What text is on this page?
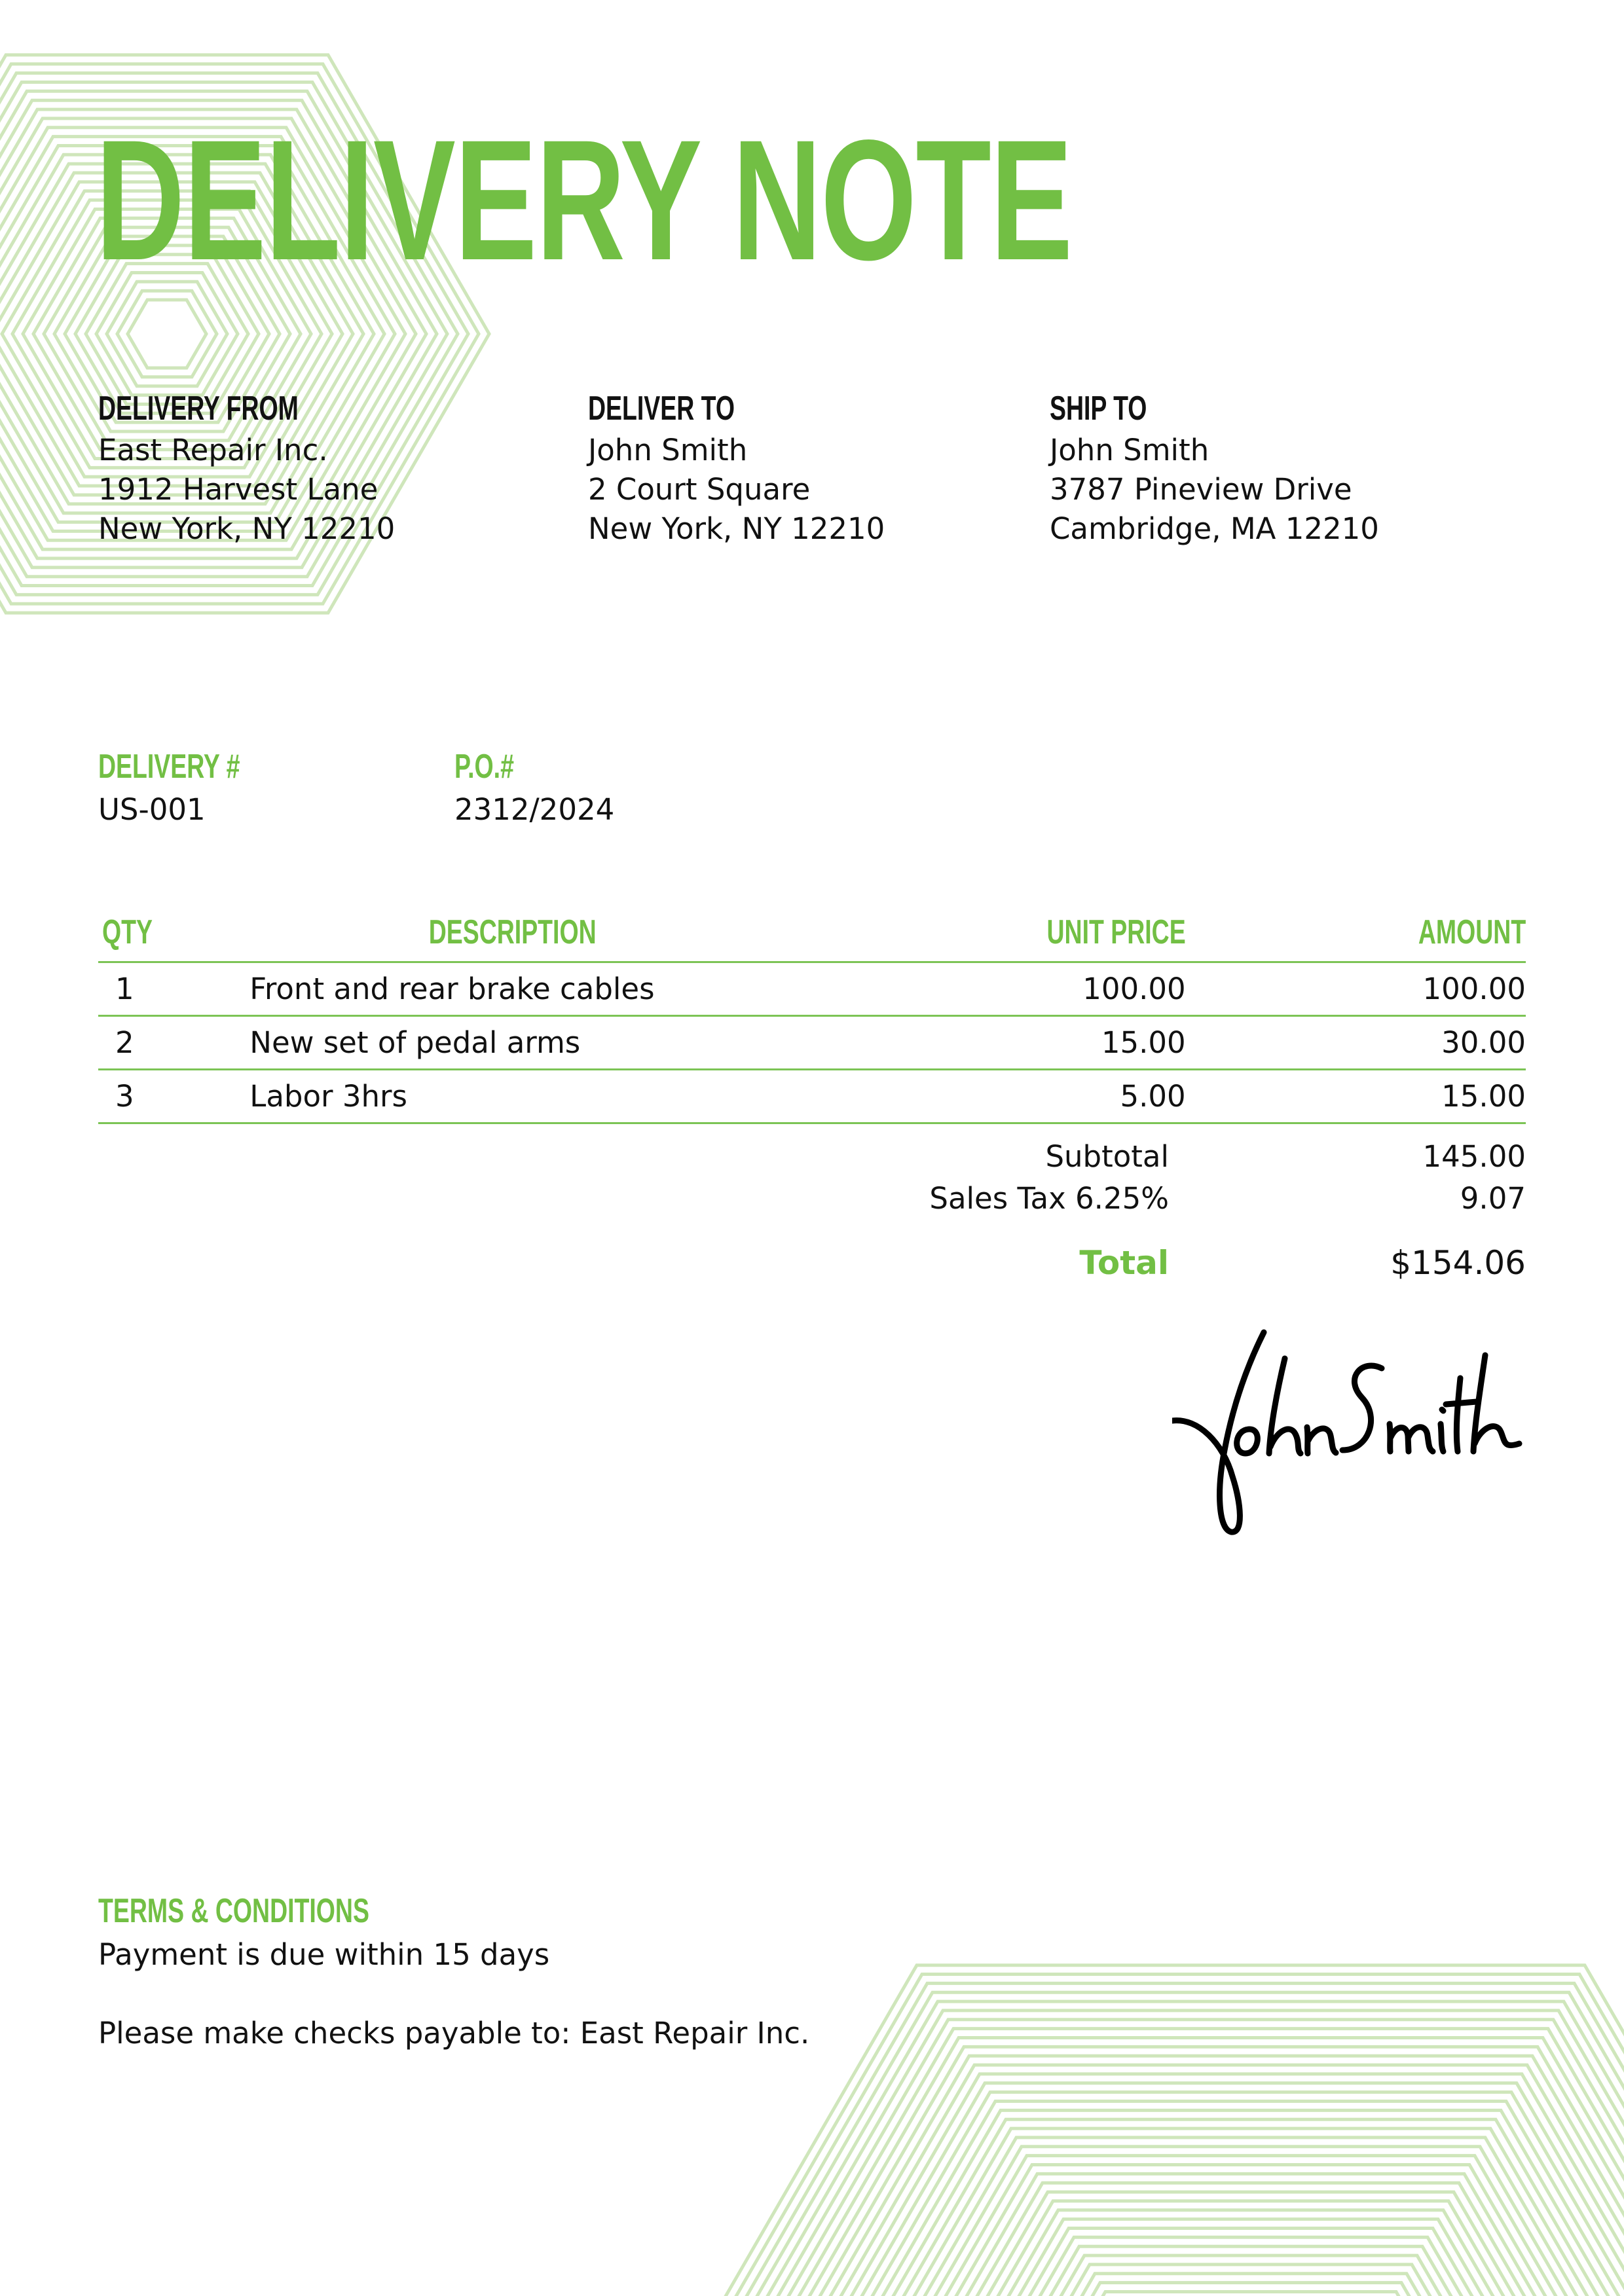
DELIVERY NOTE
DELIVERY FROM
East Repair Inc.
1912 Harvest Lane
New York, NY 12210
DELIVER TO
John Smith
2 Court Square
New York, NY 12210
SHIP TO
John Smith
3787 Pineview Drive
Cambridge, MA 12210
DELIVERY #
US-001
P.O.#
2312/2024
QTY	DESCRIPTION	UNIT PRICE	AMOUNT
1	Front and rear brake cables	100.00	100.00
2	New set of pedal arms	15.00	30.00
3	Labor 3hrs	5.00	15.00
Subtotal	145.00
Sales Tax 6.25%	9.07
Total	$154.06
TERMS & CONDITIONS
Payment is due within 15 days
Please make checks payable to: East Repair Inc.
